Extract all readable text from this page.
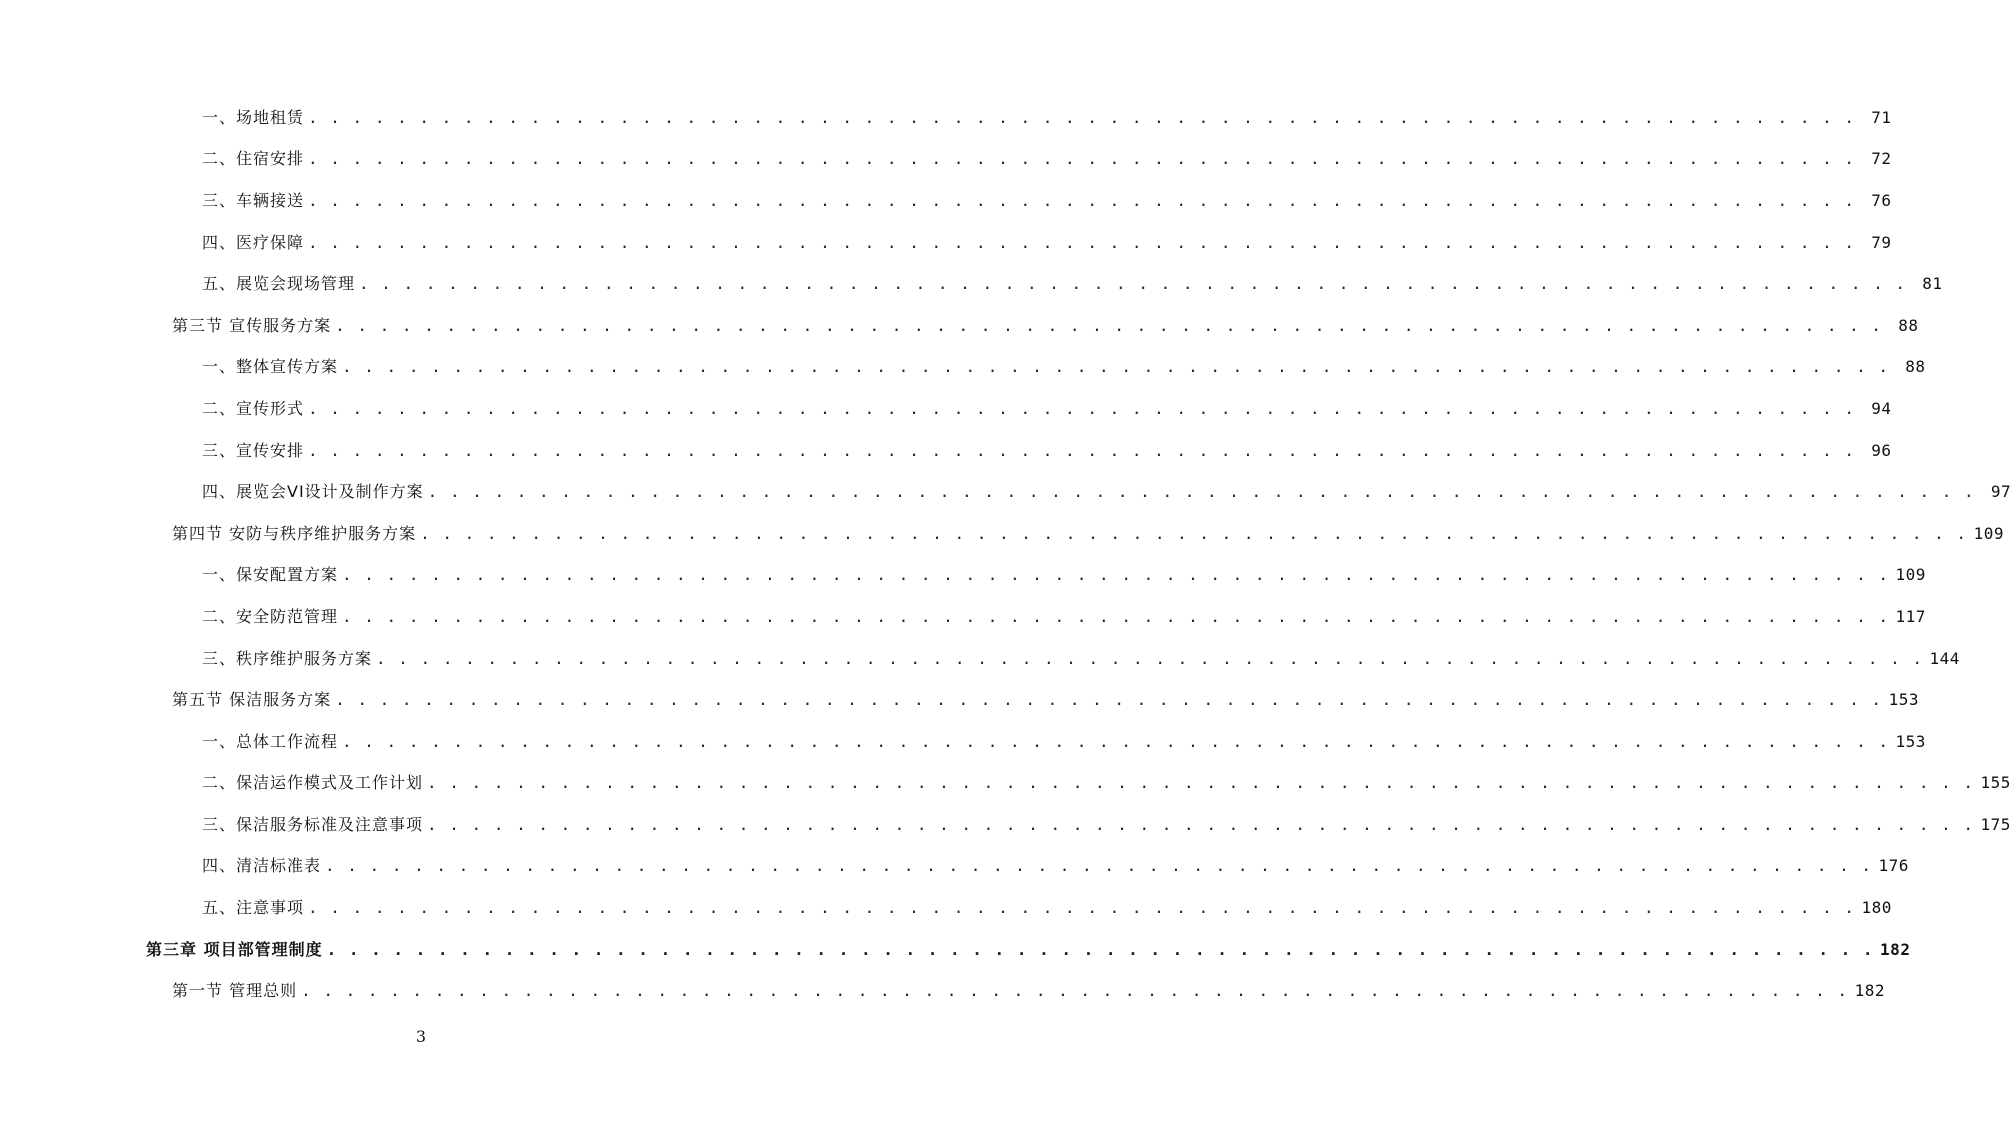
一、场地租赁 . . . . . . . . . . . . . . . . . . . . . . . . . . . . . . . . . . . . . . . . . . . . . . . . . . . . . . . . . . . . . . . . . . . . . . 71
二、住宿安排 . . . . . . . . . . . . . . . . . . . . . . . . . . . . . . . . . . . . . . . . . . . . . . . . . . . . . . . . . . . . . . . . . . . . . . 72
三、车辆接送 . . . . . . . . . . . . . . . . . . . . . . . . . . . . . . . . . . . . . . . . . . . . . . . . . . . . . . . . . . . . . . . . . . . . . . 76
四、医疗保障 . . . . . . . . . . . . . . . . . . . . . . . . . . . . . . . . . . . . . . . . . . . . . . . . . . . . . . . . . . . . . . . . . . . . . . 79
五、展览会现场管理 . . . . . . . . . . . . . . . . . . . . . . . . . . . . . . . . . . . . . . . . . . . . . . . . . . . . . . . . . . . . . . . . . . . . . . 81
第三节 宣传服务方案 . . . . . . . . . . . . . . . . . . . . . . . . . . . . . . . . . . . . . . . . . . . . . . . . . . . . . . . . . . . . . . . . . . . . . . 88
一、整体宣传方案 . . . . . . . . . . . . . . . . . . . . . . . . . . . . . . . . . . . . . . . . . . . . . . . . . . . . . . . . . . . . . . . . . . . . . . 88
二、宣传形式 . . . . . . . . . . . . . . . . . . . . . . . . . . . . . . . . . . . . . . . . . . . . . . . . . . . . . . . . . . . . . . . . . . . . . . 94
三、宣传安排 . . . . . . . . . . . . . . . . . . . . . . . . . . . . . . . . . . . . . . . . . . . . . . . . . . . . . . . . . . . . . . . . . . . . . . 96
四、展览会VI设计及制作方案 . . . . . . . . . . . . . . . . . . . . . . . . . . . . . . . . . . . . . . . . . . . . . . . . . . . . . . . . . . . . . . . . . . . . . . 97
第四节 安防与秩序维护服务方案 . . . . . . . . . . . . . . . . . . . . . . . . . . . . . . . . . . . . . . . . . . . . . . . . . . . . . . . . . . . . . . . . . . . . . . 109
一、保安配置方案 . . . . . . . . . . . . . . . . . . . . . . . . . . . . . . . . . . . . . . . . . . . . . . . . . . . . . . . . . . . . . . . . . . . . . . 109
二、安全防范管理 . . . . . . . . . . . . . . . . . . . . . . . . . . . . . . . . . . . . . . . . . . . . . . . . . . . . . . . . . . . . . . . . . . . . . . 117
三、秩序维护服务方案 . . . . . . . . . . . . . . . . . . . . . . . . . . . . . . . . . . . . . . . . . . . . . . . . . . . . . . . . . . . . . . . . . . . . . . 144
第五节 保洁服务方案 . . . . . . . . . . . . . . . . . . . . . . . . . . . . . . . . . . . . . . . . . . . . . . . . . . . . . . . . . . . . . . . . . . . . . . 153
一、总体工作流程 . . . . . . . . . . . . . . . . . . . . . . . . . . . . . . . . . . . . . . . . . . . . . . . . . . . . . . . . . . . . . . . . . . . . . . 153
二、保洁运作模式及工作计划 . . . . . . . . . . . . . . . . . . . . . . . . . . . . . . . . . . . . . . . . . . . . . . . . . . . . . . . . . . . . . . . . . . . . . . 155
三、保洁服务标准及注意事项 . . . . . . . . . . . . . . . . . . . . . . . . . . . . . . . . . . . . . . . . . . . . . . . . . . . . . . . . . . . . . . . . . . . . . . 175
四、清洁标准表 . . . . . . . . . . . . . . . . . . . . . . . . . . . . . . . . . . . . . . . . . . . . . . . . . . . . . . . . . . . . . . . . . . . . . . 176
五、注意事项 . . . . . . . . . . . . . . . . . . . . . . . . . . . . . . . . . . . . . . . . . . . . . . . . . . . . . . . . . . . . . . . . . . . . . . 180
第三章 项目部管理制度 . . . . . . . . . . . . . . . . . . . . . . . . . . . . . . . . . . . . . . . . . . . . . . . . . . . . . . . . . . . . . . . . . . . . . . 182
第一节 管理总则 . . . . . . . . . . . . . . . . . . . . . . . . . . . . . . . . . . . . . . . . . . . . . . . . . . . . . . . . . . . . . . . . . . . . . . 182
3
